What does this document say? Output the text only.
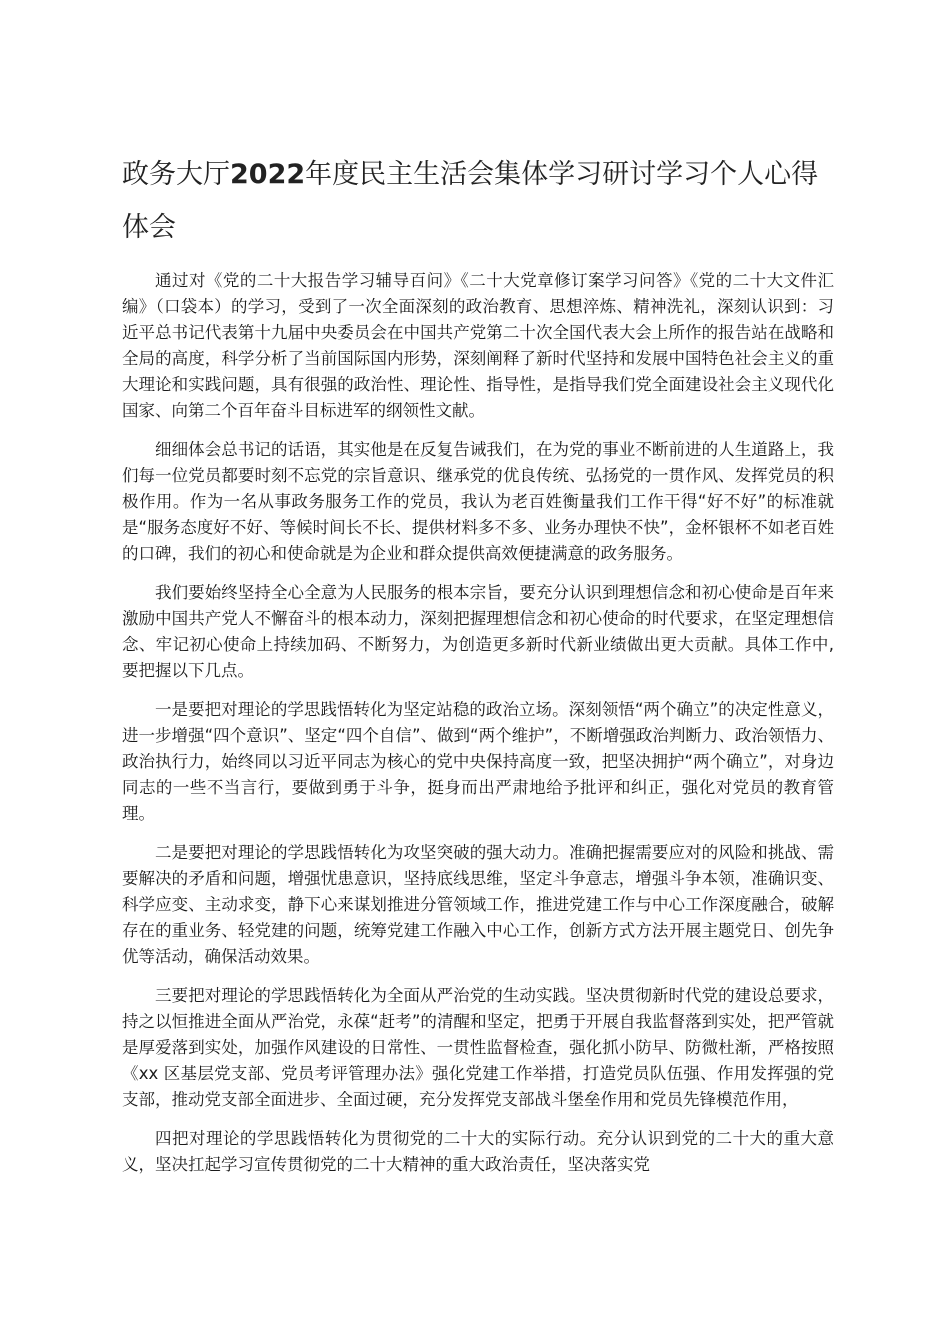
政务大厅2022年度民主生活会集体学习研讨学习个人心得体会

通过对《党的二十大报告学习辅导百问》《二十大党章修订案学习问答》《党的二十大文件汇编》（口袋本）的学习，受到了一次全面深刻的政治教育、思想淬炼、精神洗礼，深刻认识到：习近平总书记代表第十九届中央委员会在中国共产党第二十次全国代表大会上所作的报告站在战略和全局的高度，科学分析了当前国际国内形势，深刻阐释了新时代坚持和发展中国特色社会主义的重大理论和实践问题，具有很强的政治性、理论性、指导性，是指导我们党全面建设社会主义现代化国家、向第二个百年奋斗目标进军的纲领性文献。

细细体会总书记的话语，其实他是在反复告诫我们，在为党的事业不断前进的人生道路上，我们每一位党员都要时刻不忘党的宗旨意识、继承党的优良传统、弘扬党的一贯作风、发挥党员的积极作用。作为一名从事政务服务工作的党员，我认为老百姓衡量我们工作干得“好不好”的标准就是“服务态度好不好、等候时间长不长、提供材料多不多、业务办理快不快”，金杯银杯不如老百姓的口碑，我们的初心和使命就是为企业和群众提供高效便捷满意的政务服务。

我们要始终坚持全心全意为人民服务的根本宗旨，要充分认识到理想信念和初心使命是百年来激励中国共产党人不懈奋斗的根本动力，深刻把握理想信念和初心使命的时代要求，在坚定理想信念、牢记初心使命上持续加码、不断努力，为创造更多新时代新业绩做出更大贡献。具体工作中,要把握以下几点。

一是要把对理论的学思践悟转化为坚定站稳的政治立场。深刻领悟“两个确立”的决定性意义，进一步增强“四个意识”、坚定“四个自信”、做到“两个维护”，不断增强政治判断力、政治领悟力、政治执行力，始终同以习近平同志为核心的党中央保持高度一致，把坚决拥护“两个确立”，对身边同志的一些不当言行，要做到勇于斗争，挺身而出严肃地给予批评和纠正，强化对党员的教育管理。

二是要把对理论的学思践悟转化为攻坚突破的强大动力。准确把握需要应对的风险和挑战、需要解决的矛盾和问题，增强忧患意识，坚持底线思维，坚定斗争意志，增强斗争本领，准确识变、科学应变、主动求变，静下心来谋划推进分管领域工作，推进党建工作与中心工作深度融合，破解存在的重业务、轻党建的问题，统筹党建工作融入中心工作，创新方式方法开展主题党日、创先争优等活动，确保活动效果。

三要把对理论的学思践悟转化为全面从严治党的生动实践。坚决贯彻新时代党的建设总要求，持之以恒推进全面从严治党，永葆“赶考”的清醒和坚定，把勇于开展自我监督落到实处，把严管就是厚爱落到实处，加强作风建设的日常性、一贯性监督检查，强化抓小防早、防微杜渐，严格按照《xx 区基层党支部、党员考评管理办法》强化党建工作举措，打造党员队伍强、作用发挥强的党支部，推动党支部全面进步、全面过硬，充分发挥党支部战斗堡垒作用和党员先锋模范作用，

四把对理论的学思践悟转化为贯彻党的二十大的实际行动。充分认识到党的二十大的重大意义，坚决扛起学习宣传贯彻党的二十大精神的重大政治责任，坚决落实党
